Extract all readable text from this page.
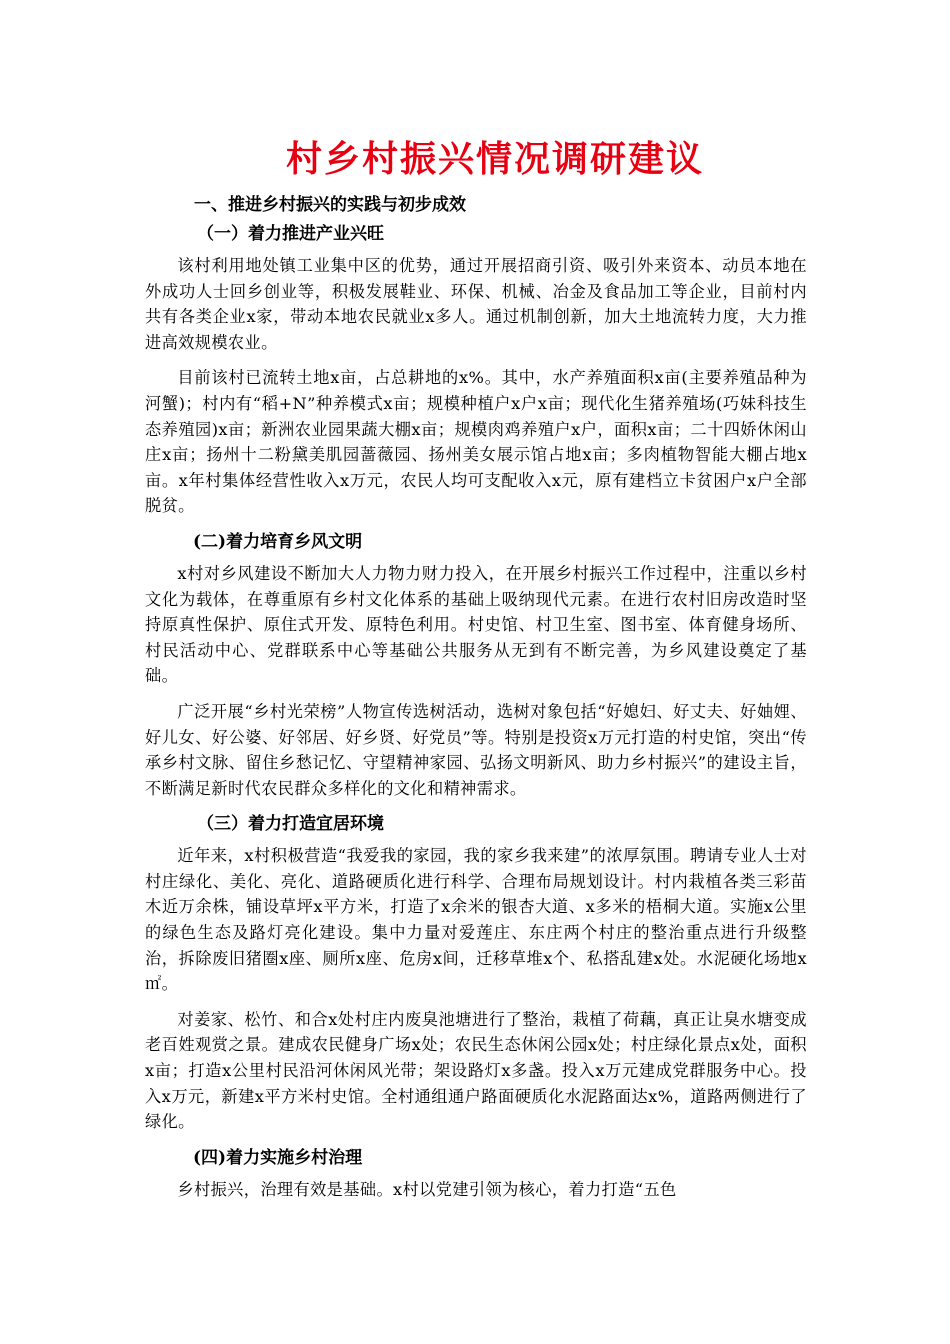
村乡村振兴情况调研建议
一、推进乡村振兴的实践与初步成效
（一）着力推进产业兴旺

该村利用地处镇工业集中区的优势，通过开展招商引资、吸引外来资本、动员本地在外成功人士回乡创业等，积极发展鞋业、环保、机械、冶金及食品加工等企业，目前村内共有各类企业x家，带动本地农民就业x多人。通过机制创新，加大土地流转力度，大力推进高效规模农业。

目前该村已流转土地x亩，占总耕地的x%。其中，水产养殖面积x亩(主要养殖品种为河蟹)；村内有“稻+N”种养模式x亩；规模种植户x户x亩；现代化生猪养殖场(巧妹科技生态养殖园)x亩；新洲农业园果蔬大棚x亩；规模肉鸡养殖户x户，面积x亩；二十四娇休闲山庄x亩；扬州十二粉黛美肌园蔷薇园、扬州美女展示馆占地x亩；多肉植物智能大棚占地x亩。x年村集体经营性收入x万元，农民人均可支配收入x元，原有建档立卡贫困户x户全部脱贫。

(二)着力培育乡风文明

x村对乡风建设不断加大人力物力财力投入，在开展乡村振兴工作过程中，注重以乡村文化为载体，在尊重原有乡村文化体系的基础上吸纳现代元素。在进行农村旧房改造时坚持原真性保护、原住式开发、原特色利用。村史馆、村卫生室、图书室、体育健身场所、村民活动中心、党群联系中心等基础公共服务从无到有不断完善，为乡风建设奠定了基础。

广泛开展“乡村光荣榜”人物宣传选树活动，选树对象包括“好媳妇、好丈夫、好妯娌、好儿女、好公婆、好邻居、好乡贤、好党员”等。特别是投资x万元打造的村史馆，突出“传承乡村文脉、留住乡愁记忆、守望精神家园、弘扬文明新风、助力乡村振兴”的建设主旨，不断满足新时代农民群众多样化的文化和精神需求。

（三）着力打造宜居环境

近年来，x村积极营造“我爱我的家园，我的家乡我来建”的浓厚氛围。聘请专业人士对村庄绿化、美化、亮化、道路硬质化进行科学、合理布局规划设计。村内栽植各类三彩苗木近万余株，铺设草坪x平方米，打造了x余米的银杏大道、x多米的梧桐大道。实施x公里的绿色生态及路灯亮化建设。集中力量对爱莲庄、东庄两个村庄的整治重点进行升级整治，拆除废旧猪圈x座、厕所x座、危房x间，迁移草堆x个、私搭乱建x处。水泥硬化场地x㎡。

对姜家、松竹、和合x处村庄内废臭池塘进行了整治，栽植了荷藕，真正让臭水塘变成老百姓观赏之景。建成农民健身广场x处；农民生态休闲公园x处；村庄绿化景点x处，面积x亩；打造x公里村民沿河休闲风光带；架设路灯x多盏。投入x万元建成党群服务中心。投入x万元，新建x平方米村史馆。全村通组通户路面硬质化水泥路面达x%，道路两侧进行了绿化。

(四)着力实施乡村治理

乡村振兴，治理有效是基础。x村以党建引领为核心，着力打造“五色
